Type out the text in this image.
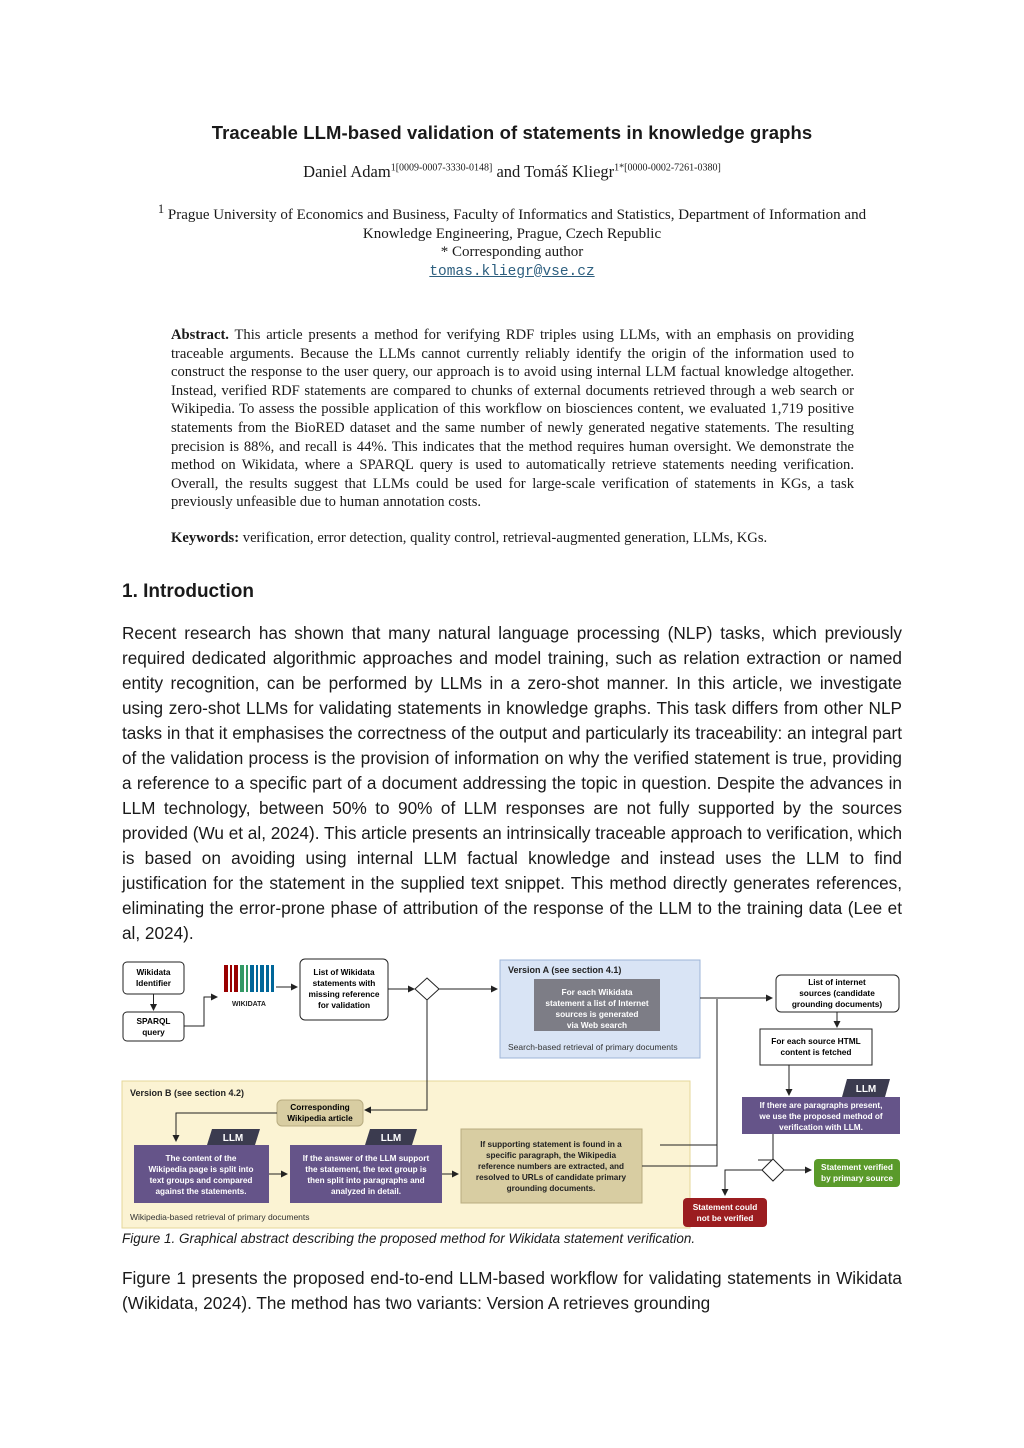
Traceable LLM-based validation of statements in knowledge graphs
Daniel Adam$^{1[0009-0007-3330-0148]}$ and Tomáš Kliegr$^{1*[0000-0002-7261-0380]}$
$^1$ Prague University of Economics and Business, Faculty of Informatics and Statistics, Department of Information and Knowledge Engineering, Prague, Czech Republic
* Corresponding author
tomas.kliegr@vse.cz
Abstract. This article presents a method for verifying RDF triples using LLMs, with an emphasis on providing traceable arguments. Because the LLMs cannot currently reliably identify the origin of the information used to construct the response to the user query, our approach is to avoid using internal LLM factual knowledge altogether. Instead, verified RDF statements are compared to chunks of external documents retrieved through a web search or Wikipedia. To assess the possible application of this workflow on biosciences content, we evaluated 1,719 positive statements from the BioRED dataset and the same number of newly generated negative statements. The resulting precision is 88%, and recall is 44%. This indicates that the method requires human oversight. We demonstrate the method on Wikidata, where a SPARQL query is used to automatically retrieve statements needing verification. Overall, the results suggest that LLMs could be used for large-scale verification of statements in KGs, a task previously unfeasible due to human annotation costs.
Keywords: verification, error detection, quality control, retrieval-augmented generation, LLMs, KGs.
1. Introduction
Recent research has shown that many natural language processing (NLP) tasks, which previously required dedicated algorithmic approaches and model training, such as relation extraction or named entity recognition, can be performed by LLMs in a zero-shot manner. In this article, we investigate using zero-shot LLMs for validating statements in knowledge graphs. This task differs from other NLP tasks in that it emphasises the correctness of the output and particularly its traceability: an integral part of the validation process is the provision of information on why the verified statement is true, providing a reference to a specific part of a document addressing the topic in question. Despite the advances in LLM technology, between 50% to 90% of LLM responses are not fully supported by the sources provided (Wu et al, 2024). This article presents an intrinsically traceable approach to verification, which is based on avoiding using internal LLM factual knowledge and instead uses the LLM to find justification for the statement in the supplied text snippet. This method directly generates references, eliminating the error-prone phase of attribution of the response of the LLM to the training data (Lee et al, 2024).
Version B (see section 4.2)
Wikipedia-based retrieval of primary documents
Version A (see section 4.1)
For each Wikidata
statement a list of Internet
sources is generated
via Web search
Search-based retrieval of primary documents
Wikidata
Identifier
SPARQL
query
WIKIDATA
List of Wikidata
statements with
missing reference
for validation
List of internet
sources (candidate
grounding documents)
For each source HTML
content is fetched
LLM
If there are paragraphs present,
we use the proposed method of
verification with LLM.
Statement verified
by primary source
Statement could
not be verified
Corresponding
Wikipedia article
LLM
The content of the
Wikipedia page is split into
text groups and compared
against the statements.
LLM
If the answer of the LLM support
the statement, the text group is
then split into paragraphs and
analyzed in detail.
If supporting statement is found in a
specific paragraph, the Wikipedia
reference numbers are extracted, and
resolved to URLs of candidate primary
grounding documents.
Figure 1. Graphical abstract describing the proposed method for Wikidata statement verification.
Figure 1 presents the proposed end-to-end LLM-based workflow for validating statements in Wikidata (Wikidata, 2024). The method has two variants: Version A retrieves grounding
